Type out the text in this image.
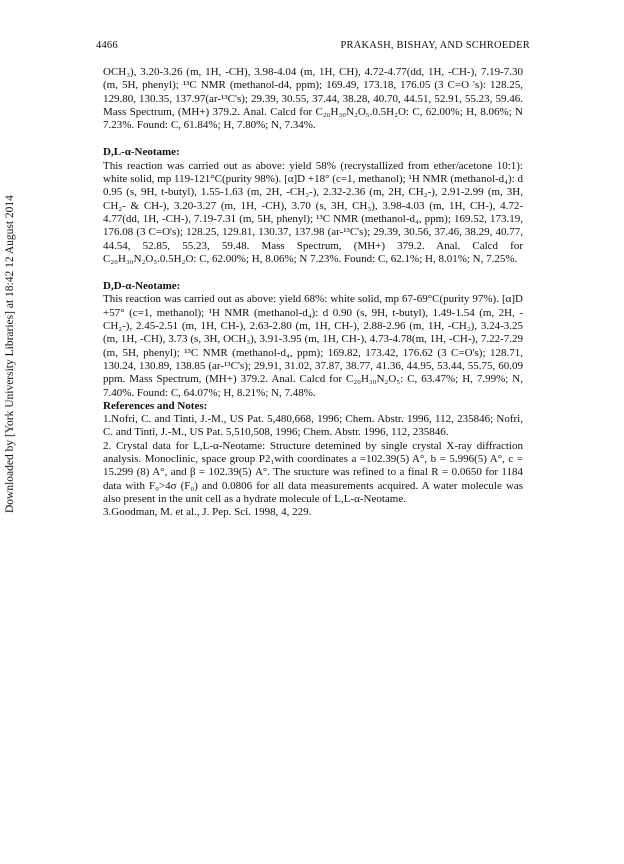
4466	PRAKASH, BISHAY, AND SCHROEDER
Downloaded by [York University Libraries] at 18:42 12 August 2014

OCH₃), 3.20-3.26 (m, 1H, -CH), 3.98-4.04 (m, 1H, CH), 4.72-4.77(dd, 1H, -CH-), 7.19-7.30 (m, 5H, phenyl); ¹³C NMR (methanol-d4, ppm); 169.49, 173.18, 176.05 (3 C=O 's): 128.25, 129.80, 130.35, 137.97(ar-¹³C's); 29.39, 30.55, 37.44, 38.28, 40.70, 44.51, 52.91, 55.23, 59.46. Mass Spectrum, (MH+) 379.2. Anal. Calcd for C₂₀H₃₀N₂O₅.0.5H₂O: C, 62.00%; H, 8.06%; N 7.23%. Found: C, 61.84%; H, 7.80%; N, 7.34%.

D,L-α-Neotame:

This reaction was carried out as above: yield 58% (recrystallized from ether/acetone 10:1): white solid, mp 119-121°C(purity 98%). [α]D +18° (c=1, methanol); ¹H NMR (methanol-d₄): d 0.95 (s, 9H, t-butyl), 1.55-1.63 (m, 2H, -CH₂-), 2.32-2.36 (m, 2H, CH₂-), 2.91-2.99 (m, 3H, CH₂- & CH-), 3.20-3.27 (m, 1H, -CH), 3.70 (s, 3H, CH₃), 3.98-4.03 (m, 1H, CH-), 4.72-4.77(dd, 1H, -CH-), 7.19-7.31 (m, 5H, phenyl); ¹³C NMR (methanol-d₄, ppm); 169.52, 173.19, 176.08 (3 C=O's); 128.25, 129.81, 130.37, 137.98 (ar-¹³C's); 29.39, 30.56, 37.46, 38.29, 40.77, 44.54, 52.85, 55.23, 59.48. Mass Spectrum, (MH+) 379.2. Anal. Calcd for C₂₀H₃₀N₂O₅.0.5H₂O: C, 62.00%; H, 8.06%; N 7.23%. Found: C, 62.1%; H, 8.01%; N, 7.25%.

D,D-α-Neotame:

This reaction was carried out as above: yield 68%: white solid, mp 67-69°C(purity 97%). [α]D +57° (c=1, methanol); ¹H NMR (methanol-d₄): d 0.90 (s, 9H, t-butyl), 1.49-1.54 (m, 2H, -CH₂-), 2.45-2.51 (m, 1H, CH-), 2.63-2.80 (m, 1H, CH-), 2.88-2.96 (m, 1H, -CH₂), 3.24-3.25 (m, 1H, -CH), 3.73 (s, 3H, OCH₃), 3.91-3.95 (m, 1H, CH-), 4.73-4.78(m, 1H, -CH-), 7.22-7.29 (m, 5H, phenyl); ¹³C NMR (methanol-d₄, ppm); 169.82, 173.42, 176.62 (3 C=O's); 128.71, 130.24, 130.89, 138.85 (ar-¹³C's); 29.91, 31.02, 37.87, 38.77, 41.36, 44.95, 53.44, 55.75, 60.09 ppm. Mass Spectrum, (MH+) 379.2. Anal. Calcd for C₂₀H₃₀N₂O₅: C, 63.47%; H, 7.99%; N, 7.40%. Found: C, 64.07%; H, 8.21%; N, 7.48%.

References and Notes:

1.Nofri, C. and Tinti, J.-M., US Pat. 5,480,668, 1996; Chem. Abstr. 1996, 112, 235846; Nofri, C. and Tinti, J.-M., US Pat. 5,510,508, 1996; Chem. Abstr. 1996, 112, 235846.

2. Crystal data for L,L-α-Neotame: Structure detemined by single crystal X-ray diffraction analysis. Monoclinic, space group P2₁with coordinates a =102.39(5) A°, b = 5.996(5) A°, c = 15.299 (8) A°, and β = 102.39(5) A°. The sructure was refined to a final R = 0.0650 for 1184 data with F₀>4σ (F₀) and 0.0806 for all data measurements acquired. A water molecule was also present in the unit cell as a hydrate molecule of L,L-α-Neotame.

3.Goodman, M. et al., J. Pep. Sci. 1998, 4, 229.
